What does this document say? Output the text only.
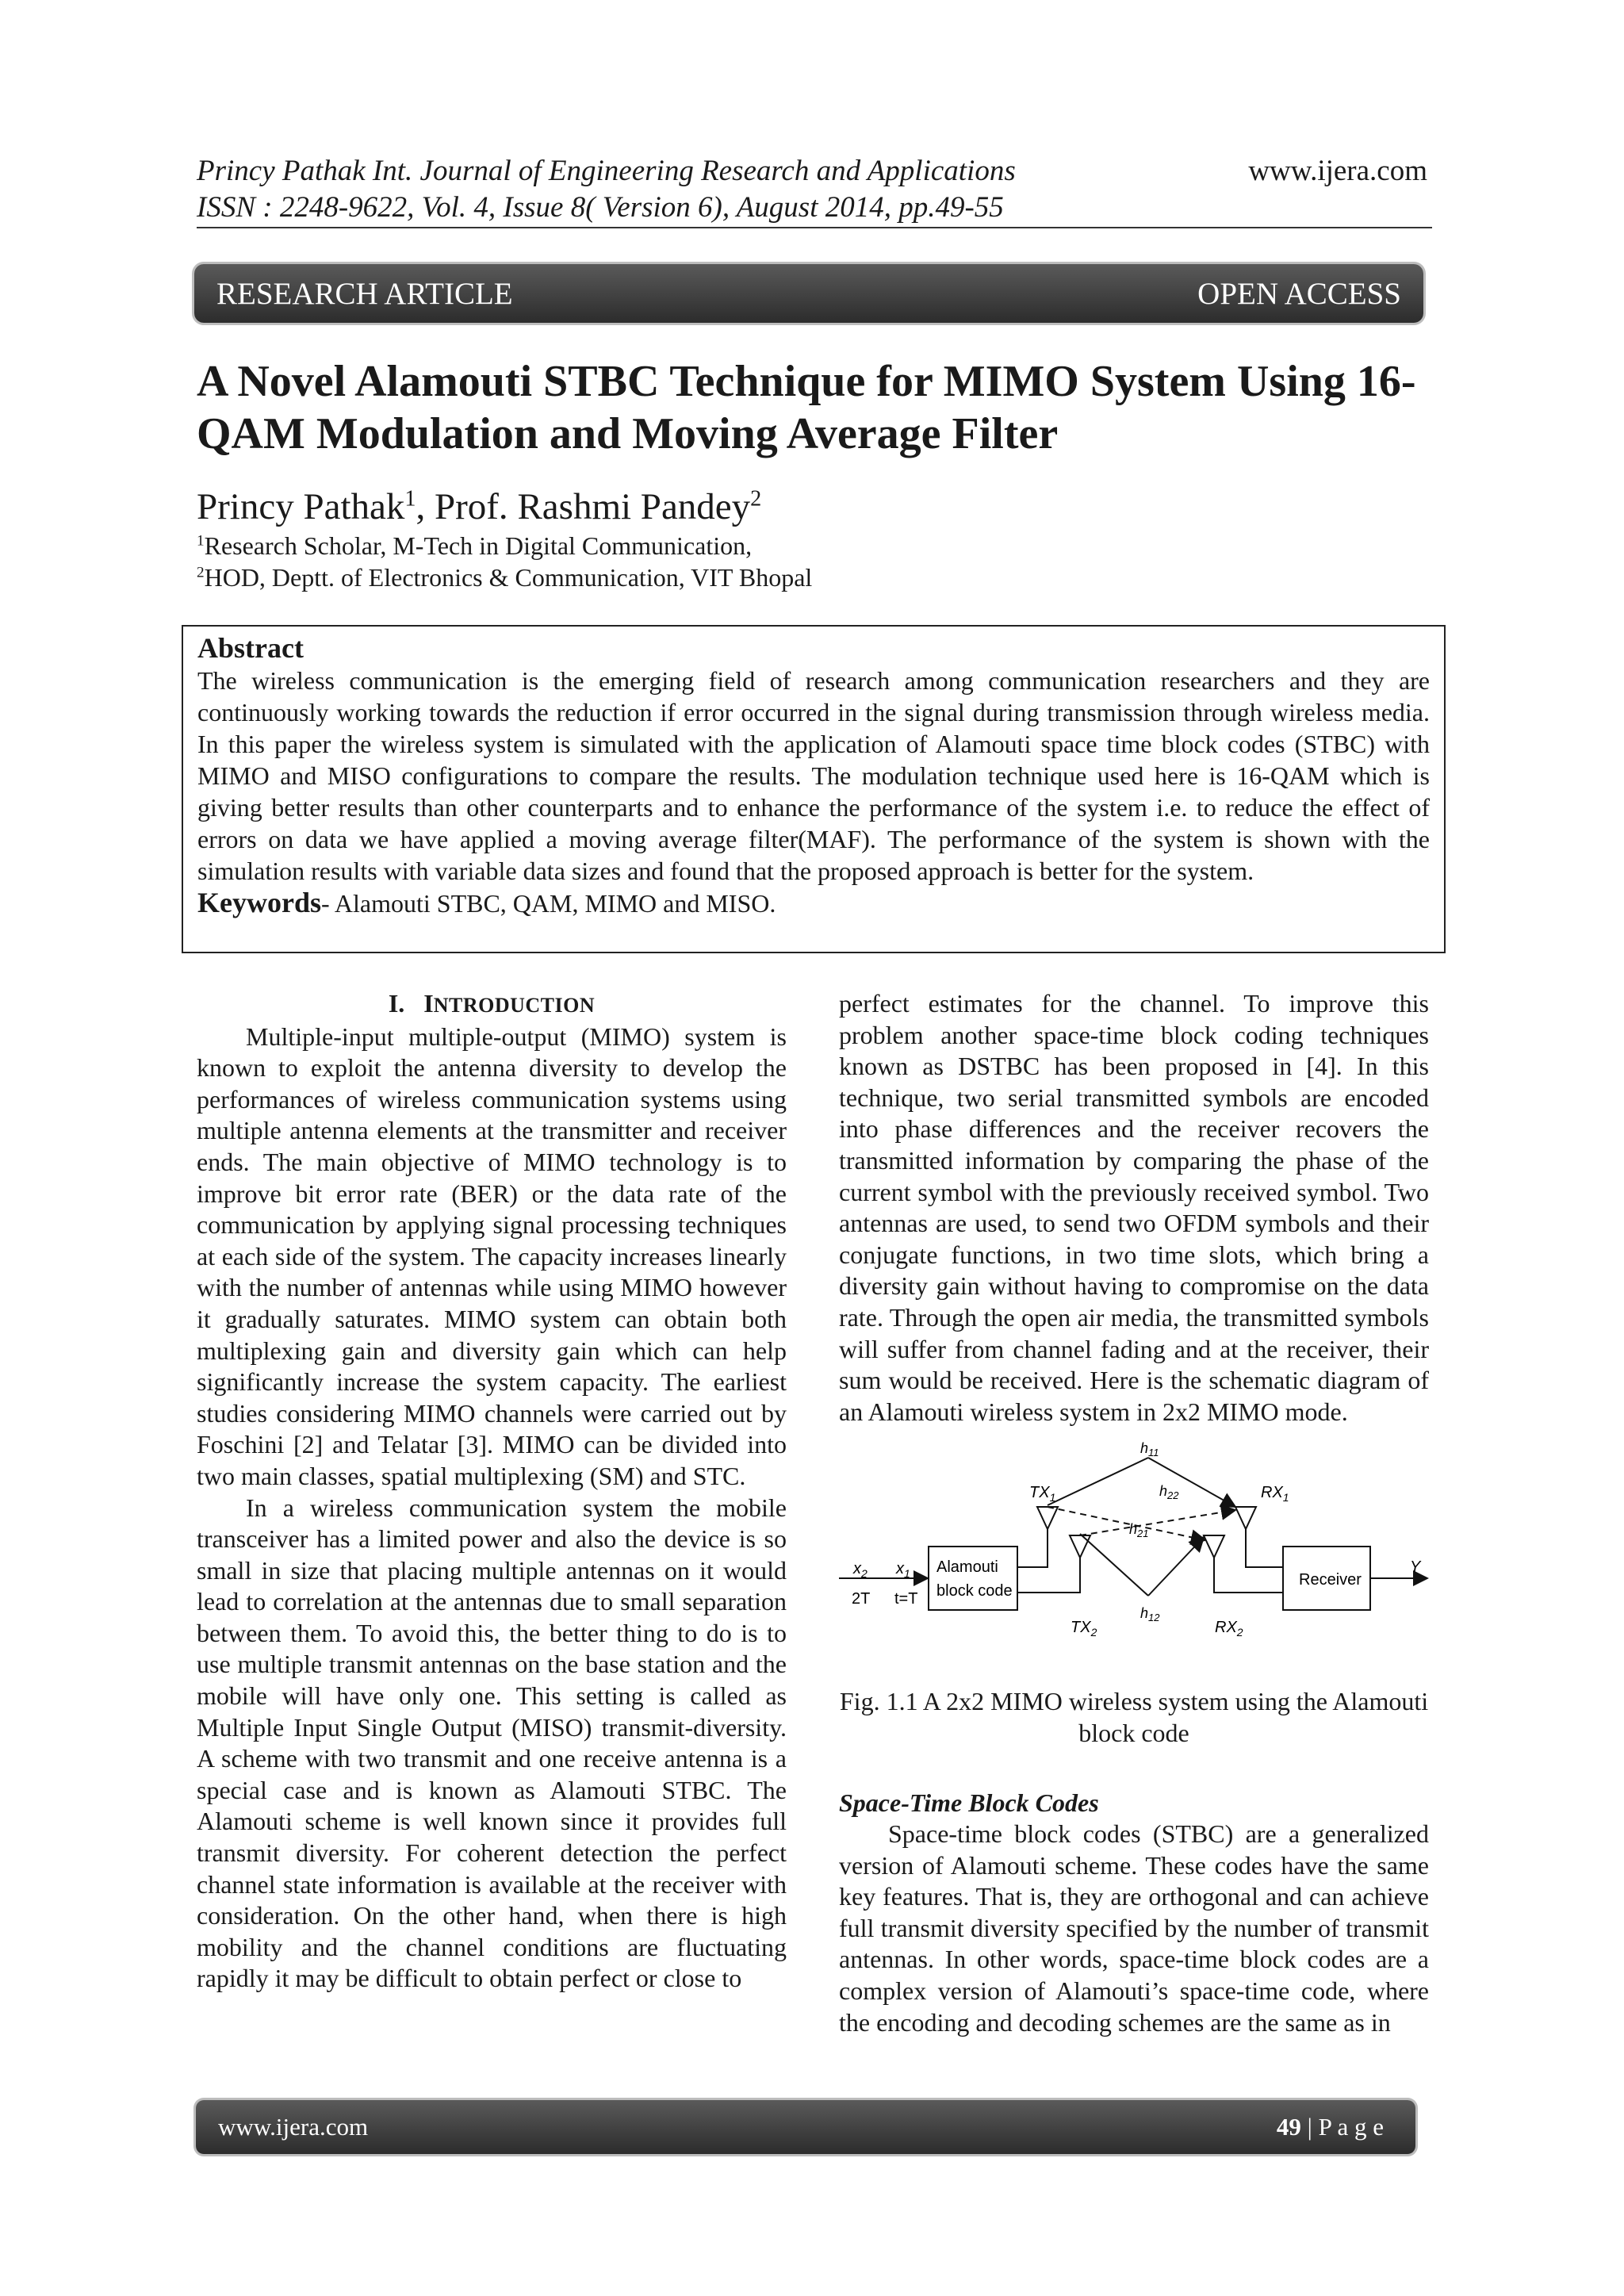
Princy Pathak Int. Journal of Engineering Research and Applications
ISSN : 2248-9622, Vol. 4, Issue 8( Version 6), August 2014, pp.49-55
www.ijera.com
RESEARCH ARTICLE	OPEN ACCESS
A Novel Alamouti STBC Technique for MIMO System Using 16-QAM Modulation and Moving Average Filter
Princy Pathak$^1$, Prof. Rashmi Pandey$^2$
$^1$Research Scholar, M-Tech in Digital Communication,
$^2$HOD, Deptt. of Electronics & Communication, VIT Bhopal
Abstract
The wireless communication is the emerging field of research among communication researchers and they are continuously working towards the reduction if error occurred in the signal during transmission through wireless media. In this paper the wireless system is simulated with the application of Alamouti space time block codes (STBC) with MIMO and MISO configurations to compare the results. The modulation technique used here is 16-QAM which is giving better results than other counterparts and to enhance the performance of the system i.e. to reduce the effect of errors on data we have applied a moving average filter(MAF). The performance of the system is shown with the simulation results with variable data sizes and found that the proposed approach is better for the system.
Keywords- Alamouti STBC, QAM, MIMO and MISO.

I. INTRODUCTION

Multiple-input multiple-output (MIMO) system is known to exploit the antenna diversity to develop the performances of wireless communication systems using multiple antenna elements at the transmitter and receiver ends. The main objective of MIMO technology is to improve bit error rate (BER) or the data rate of the communication by applying signal processing techniques at each side of the system. The capacity increases linearly with the number of antennas while using MIMO however it gradually saturates. MIMO system can obtain both multiplexing gain and diversity gain which can help significantly increase the system capacity. The earliest studies considering MIMO channels were carried out by Foschini [2] and Telatar [3]. MIMO can be divided into two main classes, spatial multiplexing (SM) and STC.

In a wireless communication system the mobile transceiver has a limited power and also the device is so small in size that placing multiple antennas on it would lead to correlation at the antennas due to small separation between them. To avoid this, the better thing to do is to use multiple transmit antennas on the base station and the mobile will have only one. This setting is called as Multiple Input Single Output (MISO) transmit-diversity. A scheme with two transmit and one receive antenna is a special case and is known as Alamouti STBC. The Alamouti scheme is well known since it provides full transmit diversity. For coherent detection the perfect channel state information is available at the receiver with consideration. On the other hand, when there is high mobility and the channel conditions are fluctuating rapidly it may be difficult to obtain perfect or close to

perfect estimates for the channel. To improve this problem another space-time block coding techniques known as DSTBC has been proposed in [4]. In this technique, two serial transmitted symbols are encoded into phase differences and the receiver recovers the transmitted information by comparing the phase of the current symbol with the previously received symbol. Two antennas are used, to send two OFDM symbols and their conjugate functions, in two time slots, which bring a diversity gain without having to compromise on the data rate. Through the open air media, the transmitted symbols will suffer from channel fading and at the receiver, their sum would be received. Here is the schematic diagram of an Alamouti wireless system in 2x2 MIMO mode.

$x_2$ $x_1$
2T t=T
Alamouti
block code
Receiver
Y
$TX_1$
$TX_2$
$RX_1$
$RX_2$
$h_{11}$
$h_{22}$
$h_{21}$
$h_{12}$

Fig. 1.1 A 2x2 MIMO wireless system using the Alamouti block code

Space-Time Block Codes

Space-time block codes (STBC) are a generalized version of Alamouti scheme. These codes have the same key features. That is, they are orthogonal and can achieve full transmit diversity specified by the number of transmit antennas. In other words, space-time block codes are a complex version of Alamouti’s space-time code, where the encoding and decoding schemes are the same as in

www.ijera.com	49 | P a g e
